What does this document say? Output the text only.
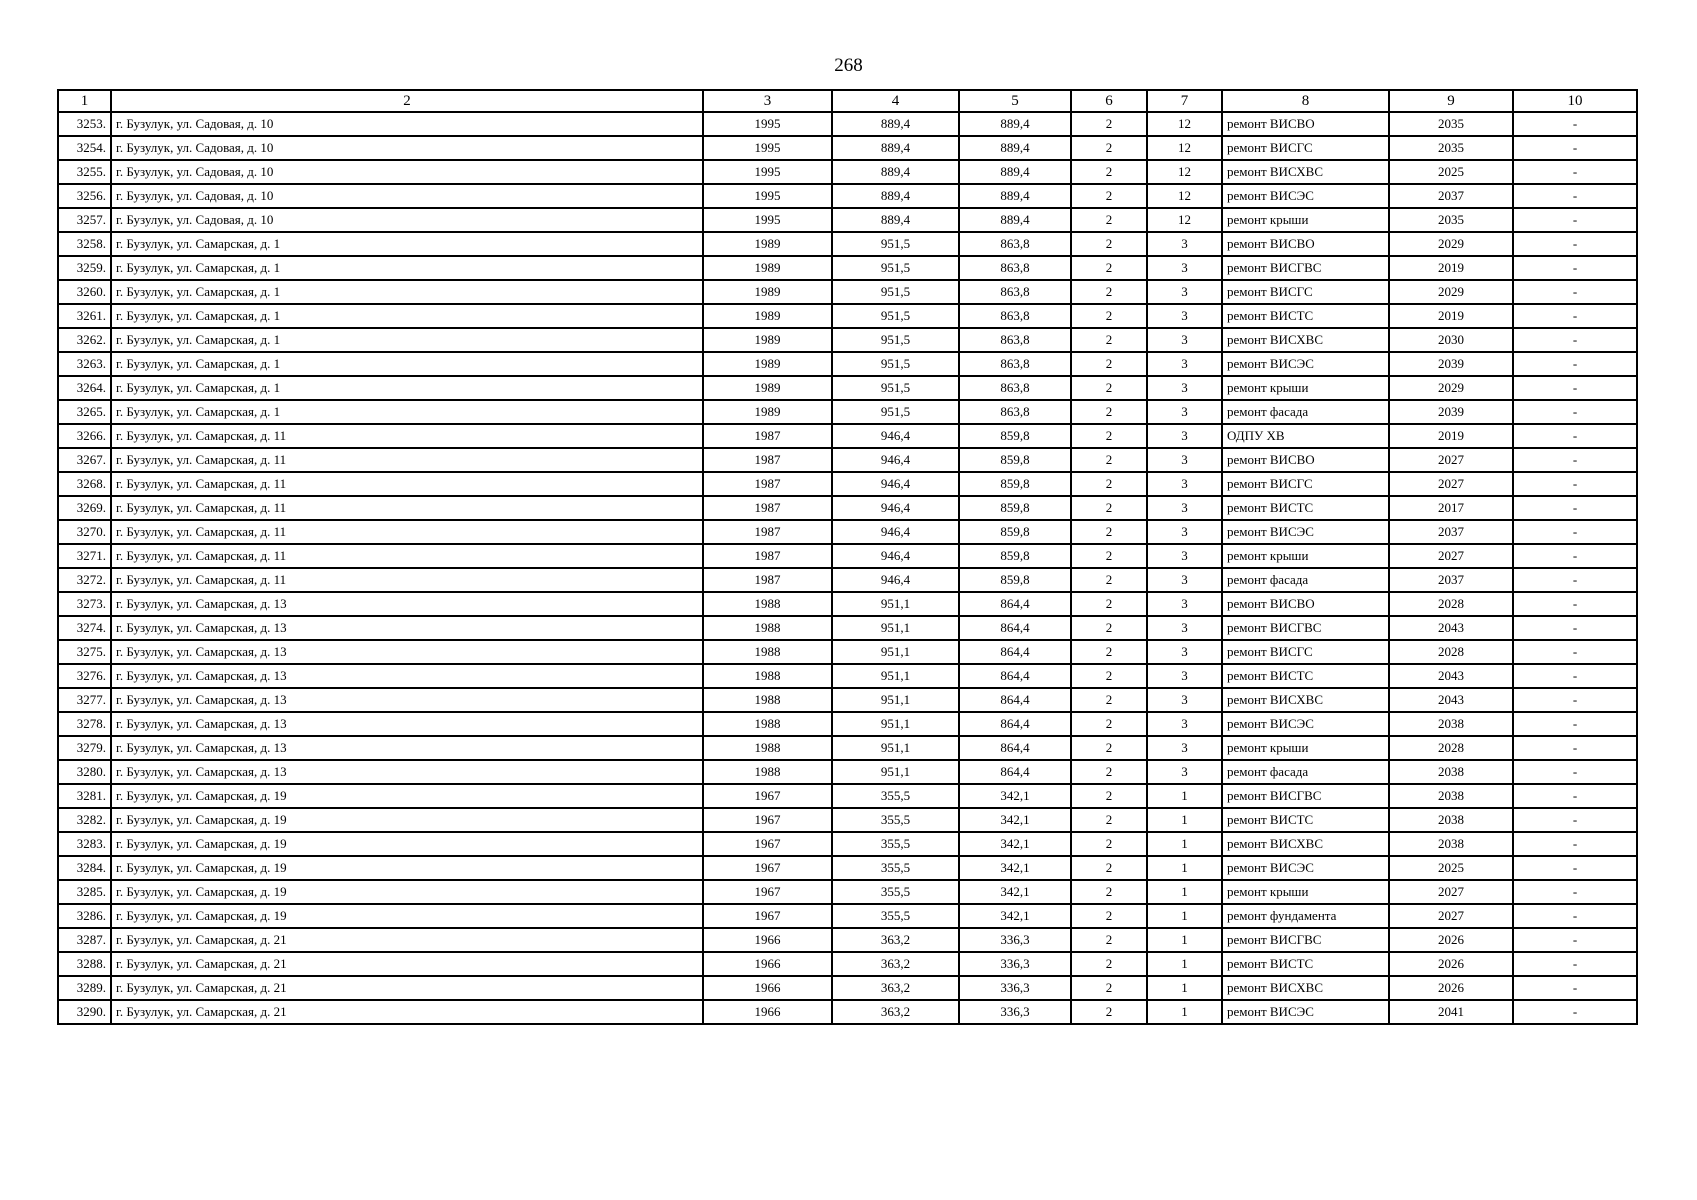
268
1	2	3	4	5	6	7	8	9	10
3253.	г. Бузулук, ул. Садовая, д. 10	1995	889,4	889,4	2	12	ремонт ВИСВО	2035	-
3254.	г. Бузулук, ул. Садовая, д. 10	1995	889,4	889,4	2	12	ремонт ВИСГС	2035	-
3255.	г. Бузулук, ул. Садовая, д. 10	1995	889,4	889,4	2	12	ремонт ВИСХВС	2025	-
3256.	г. Бузулук, ул. Садовая, д. 10	1995	889,4	889,4	2	12	ремонт ВИСЭС	2037	-
3257.	г. Бузулук, ул. Садовая, д. 10	1995	889,4	889,4	2	12	ремонт крыши	2035	-
3258.	г. Бузулук, ул. Самарская, д. 1	1989	951,5	863,8	2	3	ремонт ВИСВО	2029	-
3259.	г. Бузулук, ул. Самарская, д. 1	1989	951,5	863,8	2	3	ремонт ВИСГВС	2019	-
3260.	г. Бузулук, ул. Самарская, д. 1	1989	951,5	863,8	2	3	ремонт ВИСГС	2029	-
3261.	г. Бузулук, ул. Самарская, д. 1	1989	951,5	863,8	2	3	ремонт ВИСТС	2019	-
3262.	г. Бузулук, ул. Самарская, д. 1	1989	951,5	863,8	2	3	ремонт ВИСХВС	2030	-
3263.	г. Бузулук, ул. Самарская, д. 1	1989	951,5	863,8	2	3	ремонт ВИСЭС	2039	-
3264.	г. Бузулук, ул. Самарская, д. 1	1989	951,5	863,8	2	3	ремонт крыши	2029	-
3265.	г. Бузулук, ул. Самарская, д. 1	1989	951,5	863,8	2	3	ремонт фасада	2039	-
3266.	г. Бузулук, ул. Самарская, д. 11	1987	946,4	859,8	2	3	ОДПУ ХВ	2019	-
3267.	г. Бузулук, ул. Самарская, д. 11	1987	946,4	859,8	2	3	ремонт ВИСВО	2027	-
3268.	г. Бузулук, ул. Самарская, д. 11	1987	946,4	859,8	2	3	ремонт ВИСГС	2027	-
3269.	г. Бузулук, ул. Самарская, д. 11	1987	946,4	859,8	2	3	ремонт ВИСТС	2017	-
3270.	г. Бузулук, ул. Самарская, д. 11	1987	946,4	859,8	2	3	ремонт ВИСЭС	2037	-
3271.	г. Бузулук, ул. Самарская, д. 11	1987	946,4	859,8	2	3	ремонт крыши	2027	-
3272.	г. Бузулук, ул. Самарская, д. 11	1987	946,4	859,8	2	3	ремонт фасада	2037	-
3273.	г. Бузулук, ул. Самарская, д. 13	1988	951,1	864,4	2	3	ремонт ВИСВО	2028	-
3274.	г. Бузулук, ул. Самарская, д. 13	1988	951,1	864,4	2	3	ремонт ВИСГВС	2043	-
3275.	г. Бузулук, ул. Самарская, д. 13	1988	951,1	864,4	2	3	ремонт ВИСГС	2028	-
3276.	г. Бузулук, ул. Самарская, д. 13	1988	951,1	864,4	2	3	ремонт ВИСТС	2043	-
3277.	г. Бузулук, ул. Самарская, д. 13	1988	951,1	864,4	2	3	ремонт ВИСХВС	2043	-
3278.	г. Бузулук, ул. Самарская, д. 13	1988	951,1	864,4	2	3	ремонт ВИСЭС	2038	-
3279.	г. Бузулук, ул. Самарская, д. 13	1988	951,1	864,4	2	3	ремонт крыши	2028	-
3280.	г. Бузулук, ул. Самарская, д. 13	1988	951,1	864,4	2	3	ремонт фасада	2038	-
3281.	г. Бузулук, ул. Самарская, д. 19	1967	355,5	342,1	2	1	ремонт ВИСГВС	2038	-
3282.	г. Бузулук, ул. Самарская, д. 19	1967	355,5	342,1	2	1	ремонт ВИСТС	2038	-
3283.	г. Бузулук, ул. Самарская, д. 19	1967	355,5	342,1	2	1	ремонт ВИСХВС	2038	-
3284.	г. Бузулук, ул. Самарская, д. 19	1967	355,5	342,1	2	1	ремонт ВИСЭС	2025	-
3285.	г. Бузулук, ул. Самарская, д. 19	1967	355,5	342,1	2	1	ремонт крыши	2027	-
3286.	г. Бузулук, ул. Самарская, д. 19	1967	355,5	342,1	2	1	ремонт фундамента	2027	-
3287.	г. Бузулук, ул. Самарская, д. 21	1966	363,2	336,3	2	1	ремонт ВИСГВС	2026	-
3288.	г. Бузулук, ул. Самарская, д. 21	1966	363,2	336,3	2	1	ремонт ВИСТС	2026	-
3289.	г. Бузулук, ул. Самарская, д. 21	1966	363,2	336,3	2	1	ремонт ВИСХВС	2026	-
3290.	г. Бузулук, ул. Самарская, д. 21	1966	363,2	336,3	2	1	ремонт ВИСЭС	2041	-
